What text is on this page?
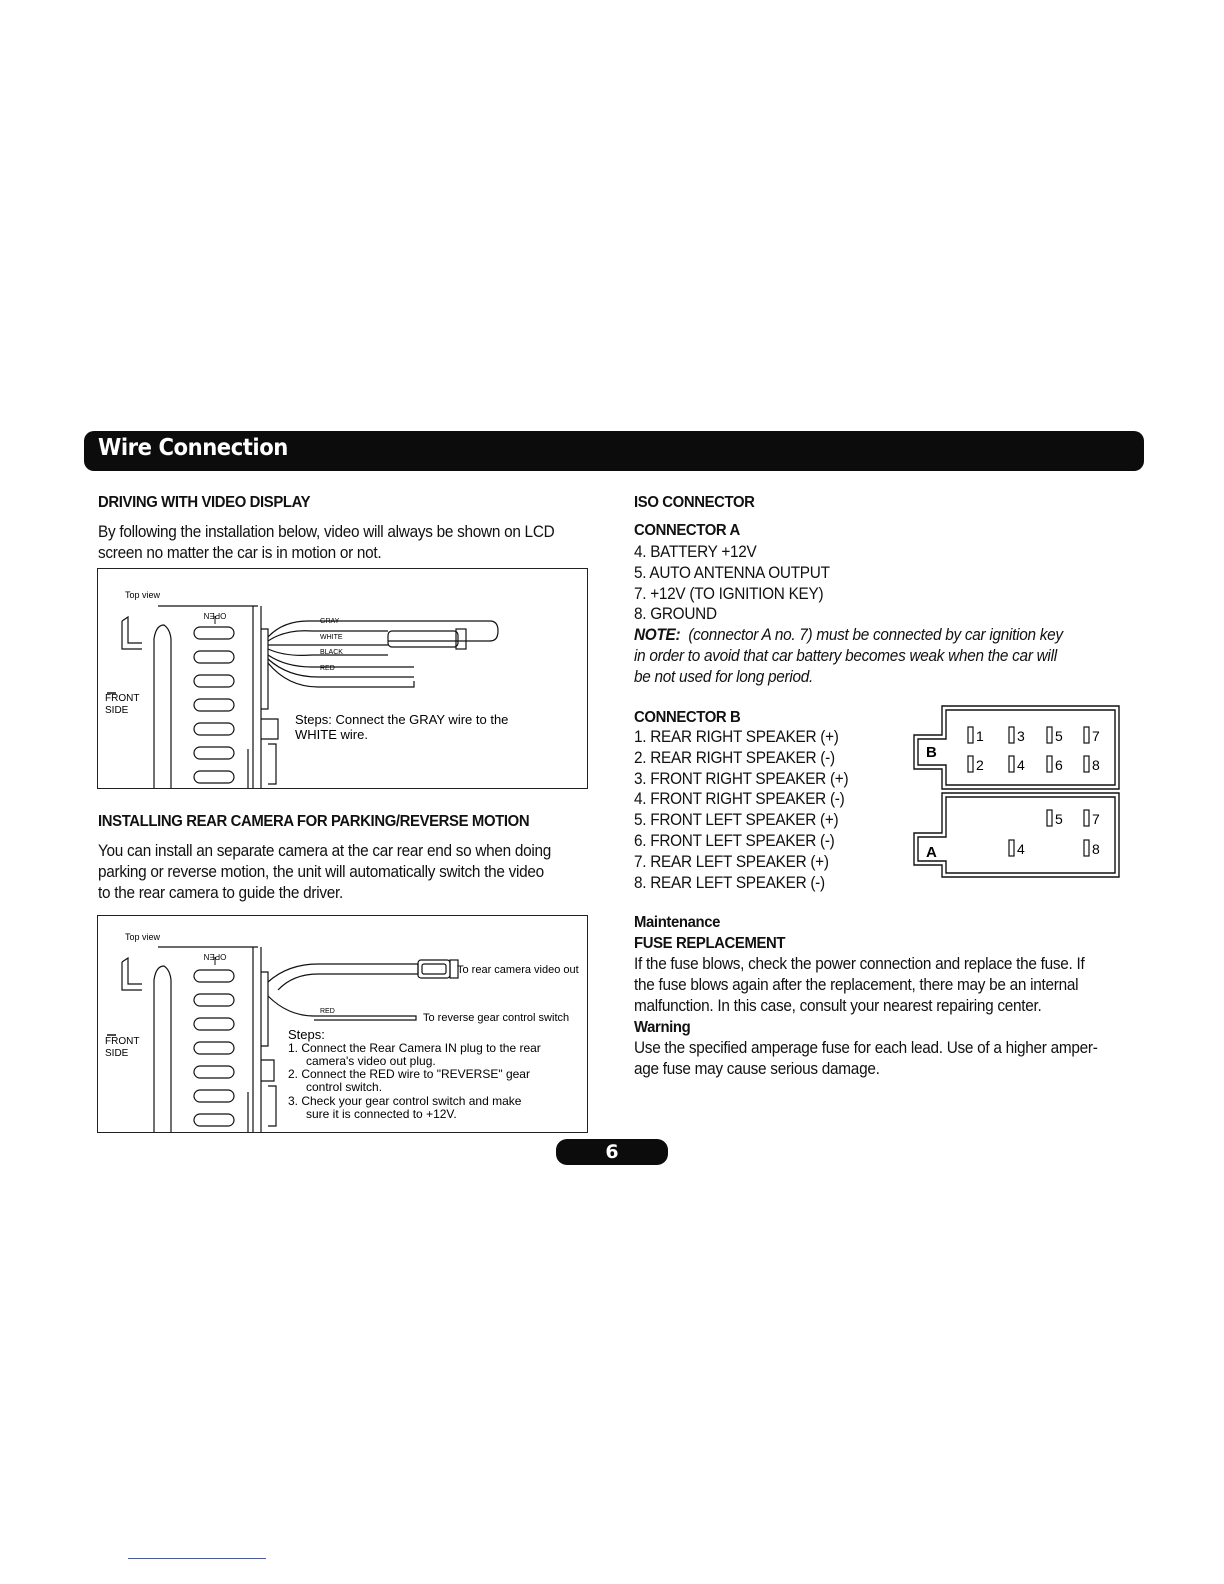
Wire Connection
DRIVING WITH VIDEO DISPLAY
By following the installation below, video will always be shown on LCD
screen no matter the car is in motion or not.
Top view
FRONT
SIDE
OPEN
GRAY
WHITE
BLACK
RED
Steps: Connect the GRAY wire to the
WHITE wire.
INSTALLING REAR CAMERA FOR PARKING/REVERSE MOTION
You can install an separate camera at the car rear end so when doing
parking or reverse motion, the unit will automatically switch the video
to the rear camera to guide the driver.
Top view
FRONT
SIDE
OPEN
To rear camera video out
RED
To reverse gear control switch
Steps:
1. Connect the Rear Camera IN plug to the rear
camera's video out plug.
2. Connect the RED wire to "REVERSE" gear
control switch.
3. Check your gear control switch and make
sure it is connected to +12V.
ISO CONNECTOR
CONNECTOR A
4. BATTERY +12V
5. AUTO ANTENNA OUTPUT
7. +12V (TO IGNITION KEY)
8. GROUND
NOTE: (connector A no. 7) must be connected by car ignition key
in order to avoid that car battery becomes weak when the car will
be not used for long period.
CONNECTOR B
1. REAR RIGHT SPEAKER (+)
2. REAR RIGHT SPEAKER (-)
3. FRONT RIGHT SPEAKER (+)
4. FRONT RIGHT SPEAKER (-)
5. FRONT LEFT SPEAKER (+)
6. FRONT LEFT SPEAKER (-)
7. REAR LEFT SPEAKER (+)
8. REAR LEFT SPEAKER (-)
B
A
1 3 5 7
2 4 6 8
5 7
4	8
Maintenance
FUSE REPLACEMENT
If the fuse blows, check the power connection and replace the fuse. If
the fuse blows again after the replacement, there may be an internal
malfunction. In this case, consult your nearest repairing center.
Warning
Use the specified amperage fuse for each lead. Use of a higher amper-
age fuse may cause serious damage.
6
